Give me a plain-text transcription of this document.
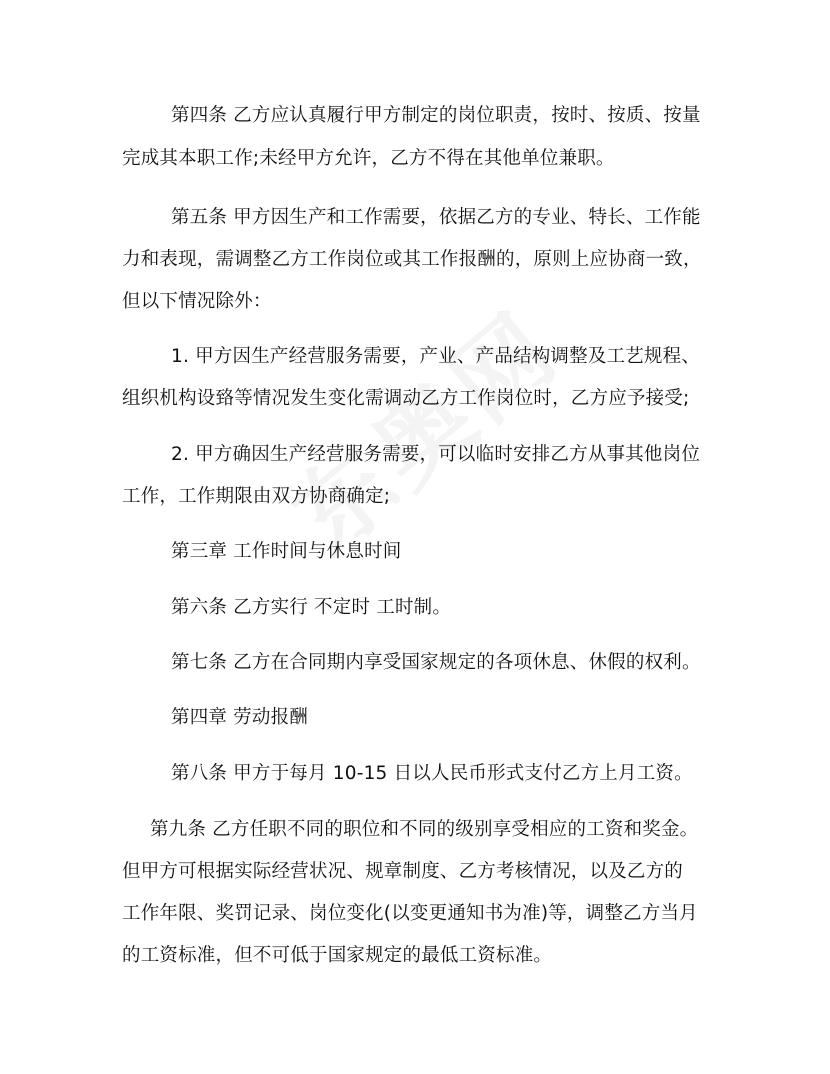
第四条 乙方应认真履行甲方制定的岗位职责，按时、按质、按量
完成其本职工作;未经甲方允许，乙方不得在其他单位兼职。
第五条 甲方因生产和工作需要，依据乙方的专业、特长、工作能
力和表现，需调整乙方工作岗位或其工作报酬的，原则上应协商一致，
但以下情况除外：
1. 甲方因生产经营服务需要，产业、产品结构调整及工艺规程、
组织机构设臵等情况发生变化需调动乙方工作岗位时，乙方应予接受;
2. 甲方确因生产经营服务需要，可以临时安排乙方从事其他岗位
工作，工作期限由双方协商确定;
第三章 工作时间与休息时间
第六条 乙方实行 不定时 工时制。
第七条 乙方在合同期内享受国家规定的各项休息、休假的权利。
第四章 劳动报酬
第八条 甲方于每月 10-15 日以人民币形式支付乙方上月工资。
第九条 乙方任职不同的职位和不同的级别享受相应的工资和奖金。
但甲方可根据实际经营状况、规章制度、乙方考核情况，以及乙方的
工作年限、奖罚记录、岗位变化(以变更通知书为准)等，调整乙方当月
的工资标准，但不可低于国家规定的最低工资标准。
